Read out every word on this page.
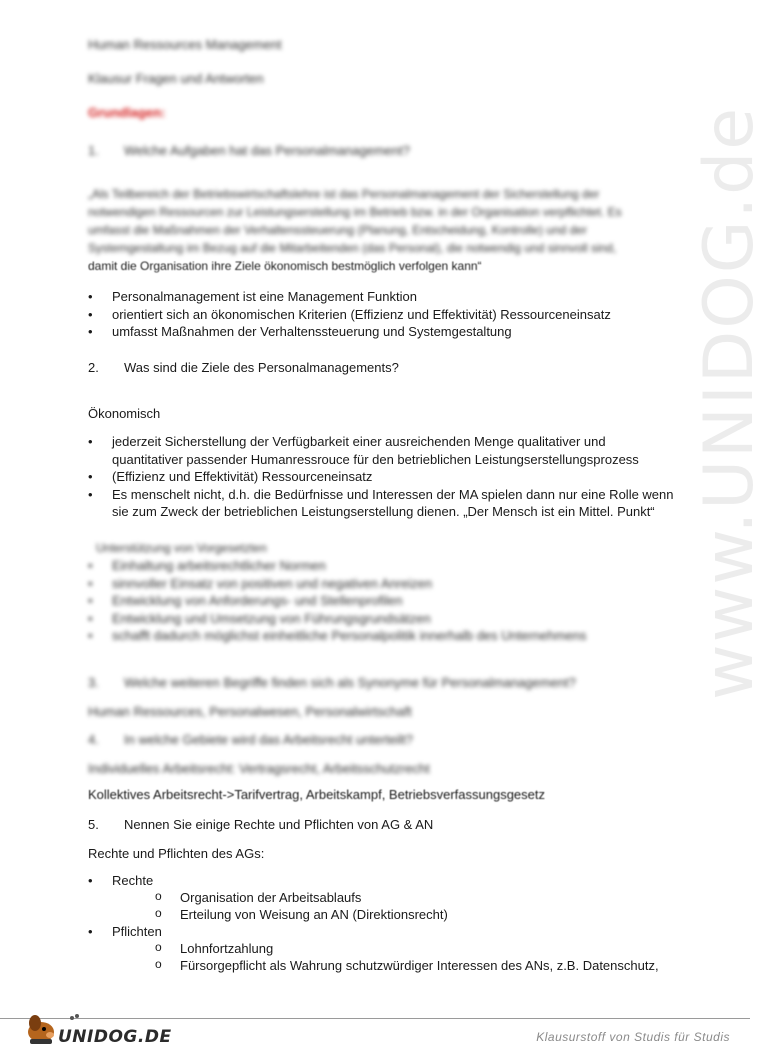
www.UNIDOG.de
Human Ressources Management
Klausur Fragen und Antworten
Grundlagen:
1. Welche Aufgaben hat das Personalmanagement?
„Als Teilbereich der Betriebswirtschaftslehre ist das Personalmanagement der Sicherstellung der
notwendigen Ressourcen zur Leistungserstellung im Betrieb bzw. in der Organisation verpflichtet. Es
umfasst die Maßnahmen der Verhaltenssteuerung (Planung, Entscheidung, Kontrolle) und der
Systemgestaltung im Bezug auf die Mitarbeitenden (das Personal), die notwendig und sinnvoll sind,
damit die Organisation ihre Ziele ökonomisch bestmöglich verfolgen kann“
• Personalmanagement ist eine Management Funktion
• orientiert sich an ökonomischen Kriterien (Effizienz und Effektivität) Ressourceneinsatz
• umfasst Maßnahmen der Verhaltenssteuerung und Systemgestaltung
2. Was sind die Ziele des Personalmanagements?
Ökonomisch
• jederzeit Sicherstellung der Verfügbarkeit einer ausreichenden Menge qualitativer und
quantitativer passender Humanressrouce für den betrieblichen Leistungserstellungsprozess
• (Effizienz und Effektivität) Ressourceneinsatz
• Es menschelt nicht, d.h. die Bedürfnisse und Interessen der MA spielen dann nur eine Rolle wenn
sie zum Zweck der betrieblichen Leistungserstellung dienen. „Der Mensch ist ein Mittel. Punkt“
Unterstützung von Vorgesetzten
• Einhaltung arbeitsrechtlicher Normen
• sinnvoller Einsatz von positiven und negativen Anreizen
• Entwicklung von Anforderungs- und Stellenprofilen
• Entwicklung und Umsetzung von Führungsgrundsätzen
• schafft dadurch möglichst einheitliche Personalpolitik innerhalb des Unternehmens
3. Welche weiteren Begriffe finden sich als Synonyme für Personalmanagement?
Human Ressources, Personalwesen, Personalwirtschaft
4. In welche Gebiete wird das Arbeitsrecht unterteilt?
Individuelles Arbeitsrecht: Vertragsrecht, Arbeitsschutzrecht
Kollektives Arbeitsrecht->Tarifvertrag, Arbeitskampf, Betriebsverfassungsgesetz
5. Nennen Sie einige Rechte und Pflichten von AG & AN
Rechte und Pflichten des AGs:
• Rechte
o Organisation der Arbeitsablaufs
o Erteilung von Weisung an AN (Direktionsrecht)
• Pflichten
o Lohnfortzahlung
o Fürsorgepflicht als Wahrung schutzwürdiger Interessen des ANs, z.B. Datenschutz,
UNIDOG.DE	Klausurstoff von Studis für Studis
